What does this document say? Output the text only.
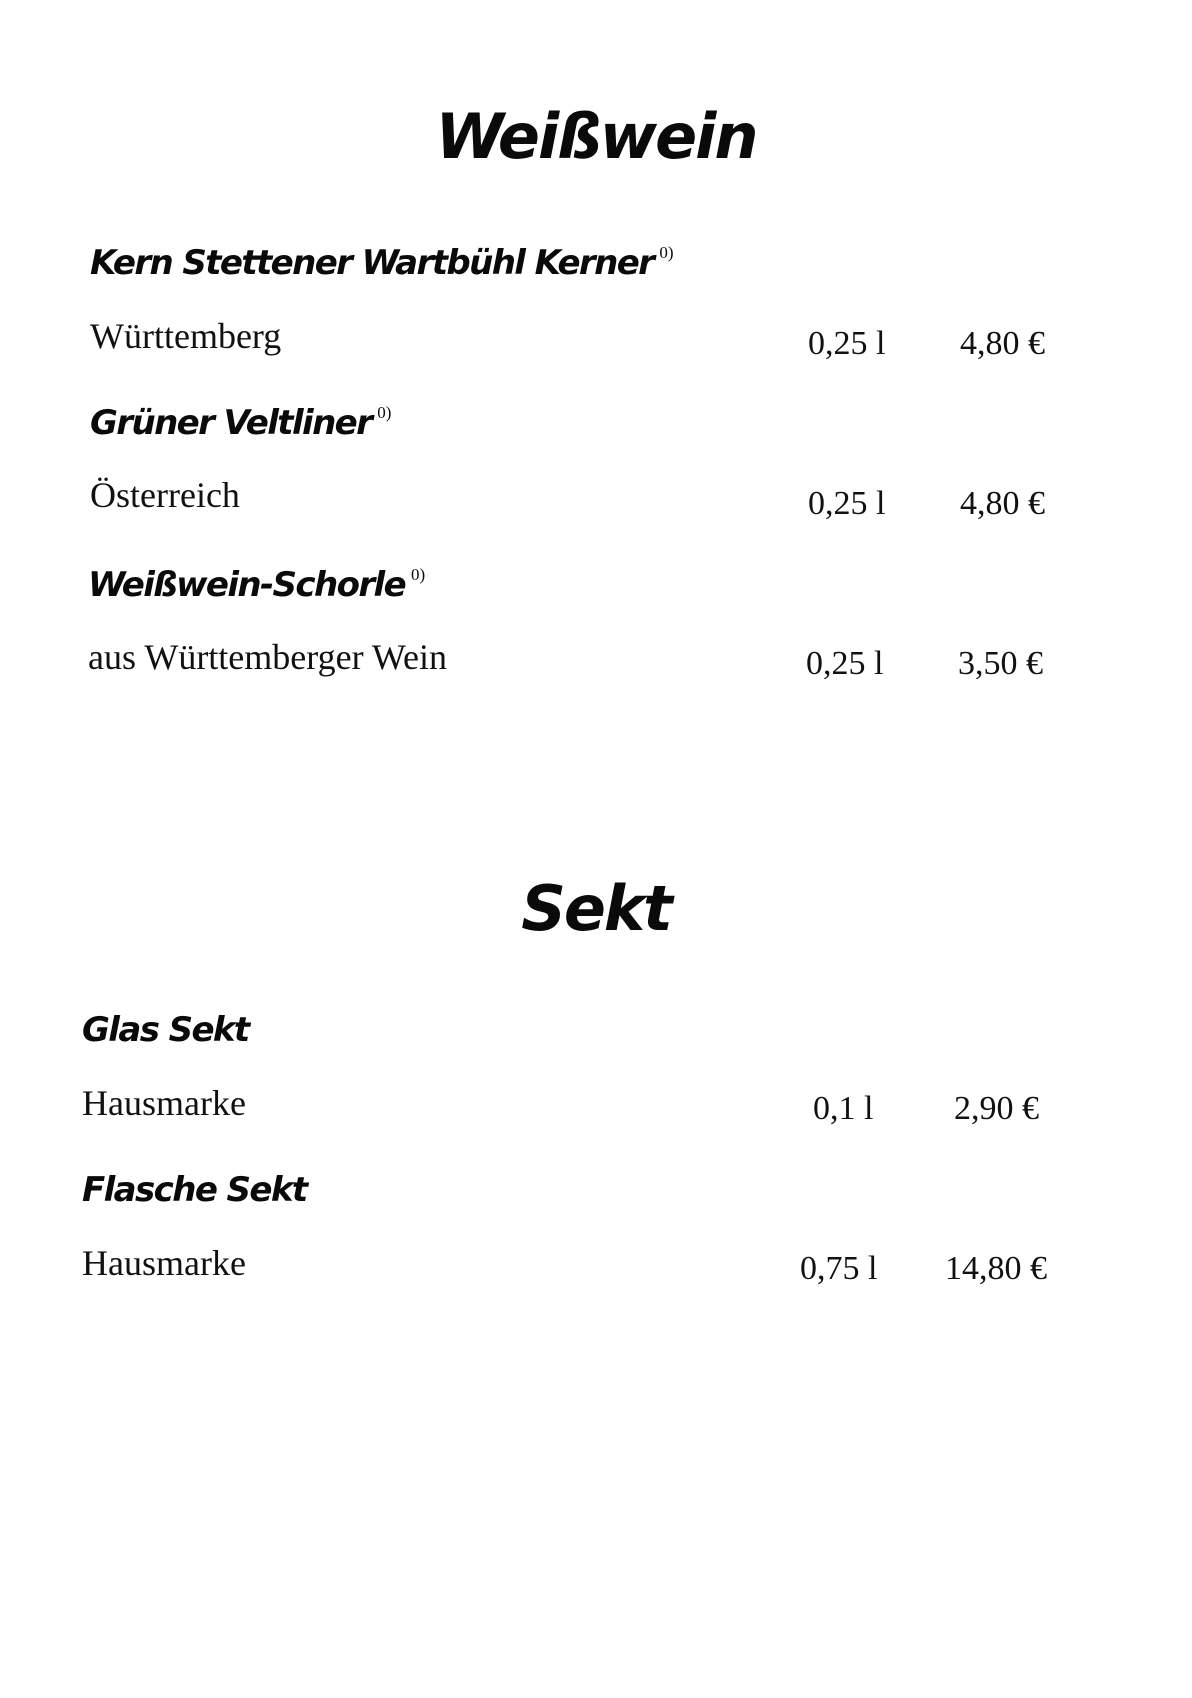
Weißwein
Kern Stettener Wartbühl Kerner $^{0)}$
Württemberg	0,25 l 4,80 €
Grüner Veltliner $^{0)}$
Österreich	0,25 l 4,80 €
Weißwein-Schorle $^{0)}$
aus Württemberger Wein	0,25 l 3,50 €
Sekt
Glas Sekt
Hausmarke	0,1 l 2,90 €
Flasche Sekt
Hausmarke	0,75 l 14,80 €
